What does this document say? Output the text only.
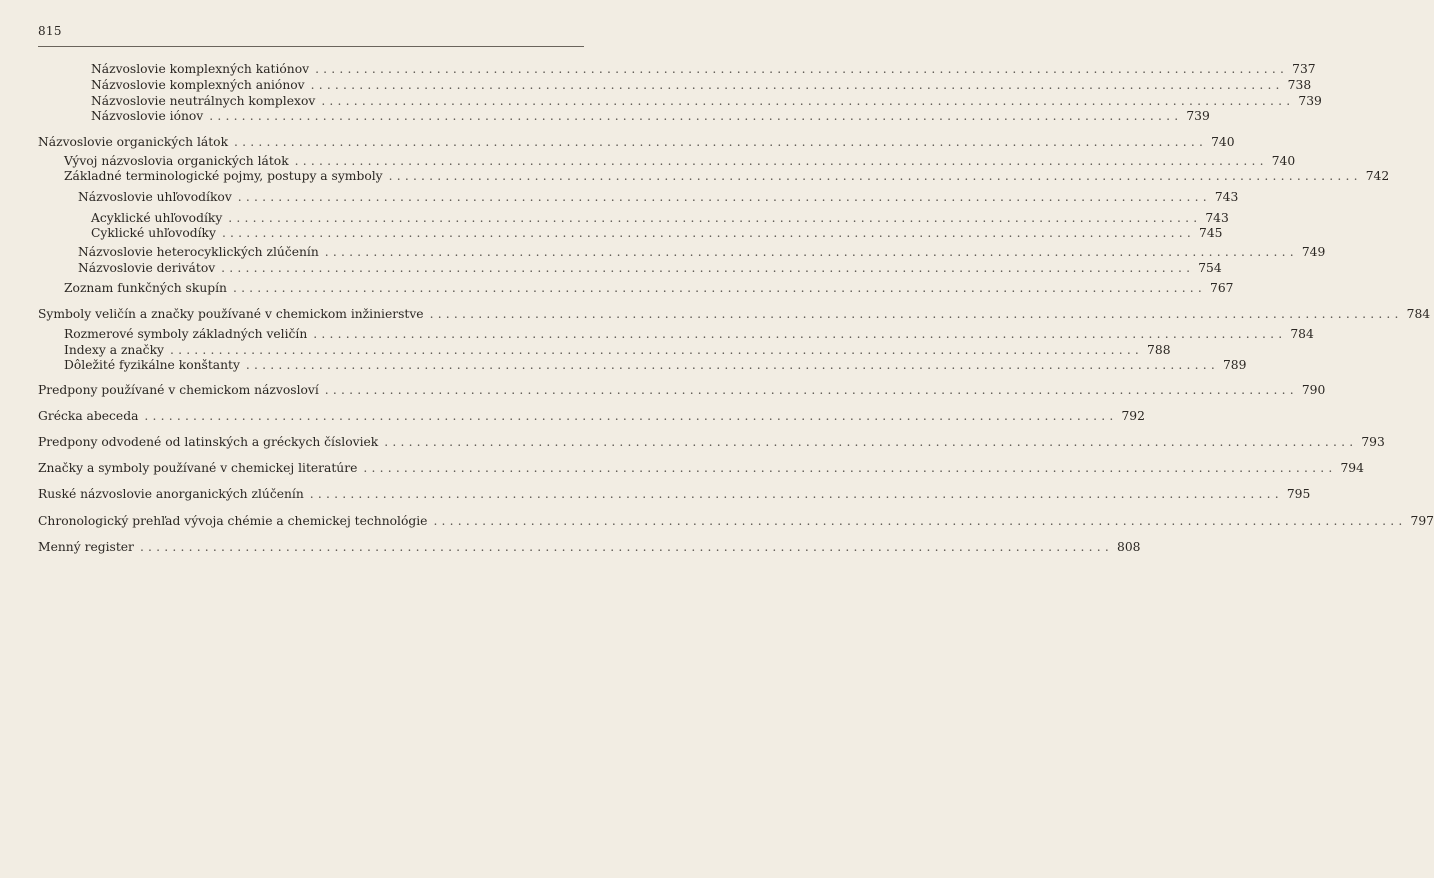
815
Názvoslovie komplexných katiónov ........................................................................................................................ 737
Názvoslovie komplexných aniónov ........................................................................................................................ 738
Názvoslovie neutrálnych komplexov ........................................................................................................................ 739
Názvoslovie iónov ........................................................................................................................ 739
Názvoslovie organických látok ........................................................................................................................ 740
Vývoj názvoslovia organických látok ........................................................................................................................ 740
Základné terminologické pojmy, postupy a symboly ........................................................................................................................ 742
Názvoslovie uhľovodíkov ........................................................................................................................ 743
Acyklické uhľovodíky ........................................................................................................................ 743
Cyklické uhľovodíky ........................................................................................................................ 745
Názvoslovie heterocyklických zlúčenín ........................................................................................................................ 749
Názvoslovie derivátov ........................................................................................................................ 754
Zoznam funkčných skupín ........................................................................................................................ 767
Symboly veličín a značky používané v chemickom inžinierstve ........................................................................................................................ 784
Rozmerové symboly základných veličín ........................................................................................................................ 784
Indexy a značky ........................................................................................................................ 788
Dôležité fyzikálne konštanty ........................................................................................................................ 789
Predpony používané v chemickom názvosloví ........................................................................................................................ 790
Grécka abeceda ........................................................................................................................ 792
Predpony odvodené od latinských a gréckych čísloviek ........................................................................................................................ 793
Značky a symboly používané v chemickej literatúre ........................................................................................................................ 794
Ruské názvoslovie anorganických zlúčenín ........................................................................................................................ 795
Chronologický prehľad vývoja chémie a chemickej technológie ........................................................................................................................ 797
Menný register ........................................................................................................................ 808
